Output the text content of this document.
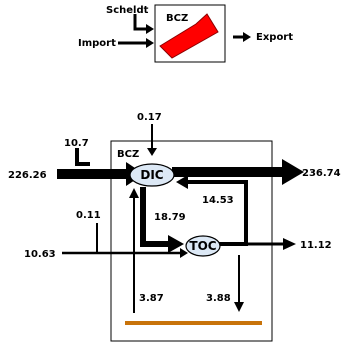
BCZ
Scheldt
Import
Export
BCZ
0.17
10.7
226.26	236.74
DIC
14.53
18.79
0.11
10.63
TOC	11.12
3.87	3.88
